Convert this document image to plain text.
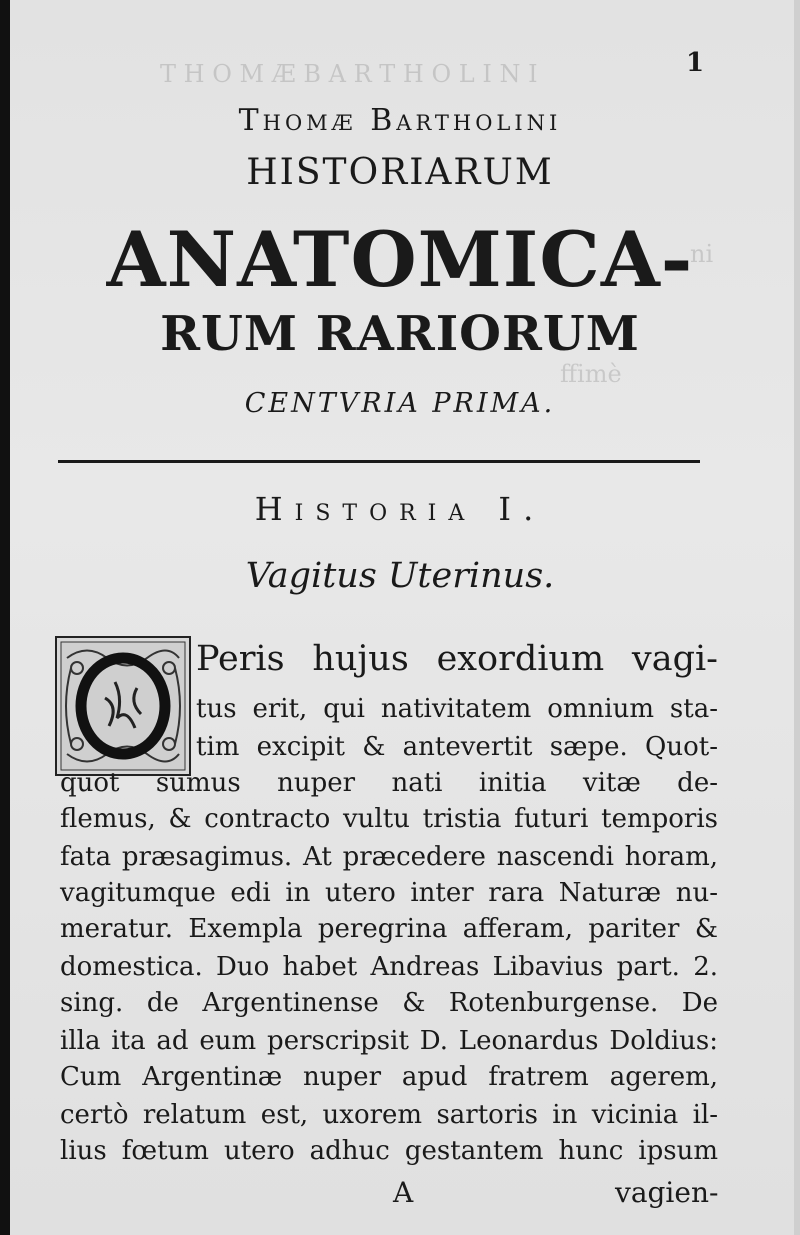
T H O M Æ B A R T H O L I N I
ni
ffimè
1
Thomæ Bartholini
HISTORIARUM
ANATOMICA-
RUM RARIORUM
CENTVRIA PRIMA.
Historia I.
Vagitus Uterinus.
Peris hujus exordium vagi-
tus erit, qui nativitatem omnium sta-
tim excipit & antevertit sæpe. Quot-
quot sumus nuper nati initia vitæ de-
flemus, & contracto vultu tristia futuri temporis
fata præsagimus. At præcedere nascendi horam,
vagitumque edi in utero inter rara Naturæ nu-
meratur. Exempla peregrina afferam, pariter &
domestica. Duo habet Andreas Libavius part. 2.
sing. de Argentinense & Rotenburgense. De
illa ita ad eum perscripsit D. Leonardus Doldius:
Cum Argentinæ nuper apud fratrem agerem,
certò relatum est, uxorem sartoris in vicinia il-
lius fœtum utero adhuc gestantem hunc ipsum
A	vagien-
